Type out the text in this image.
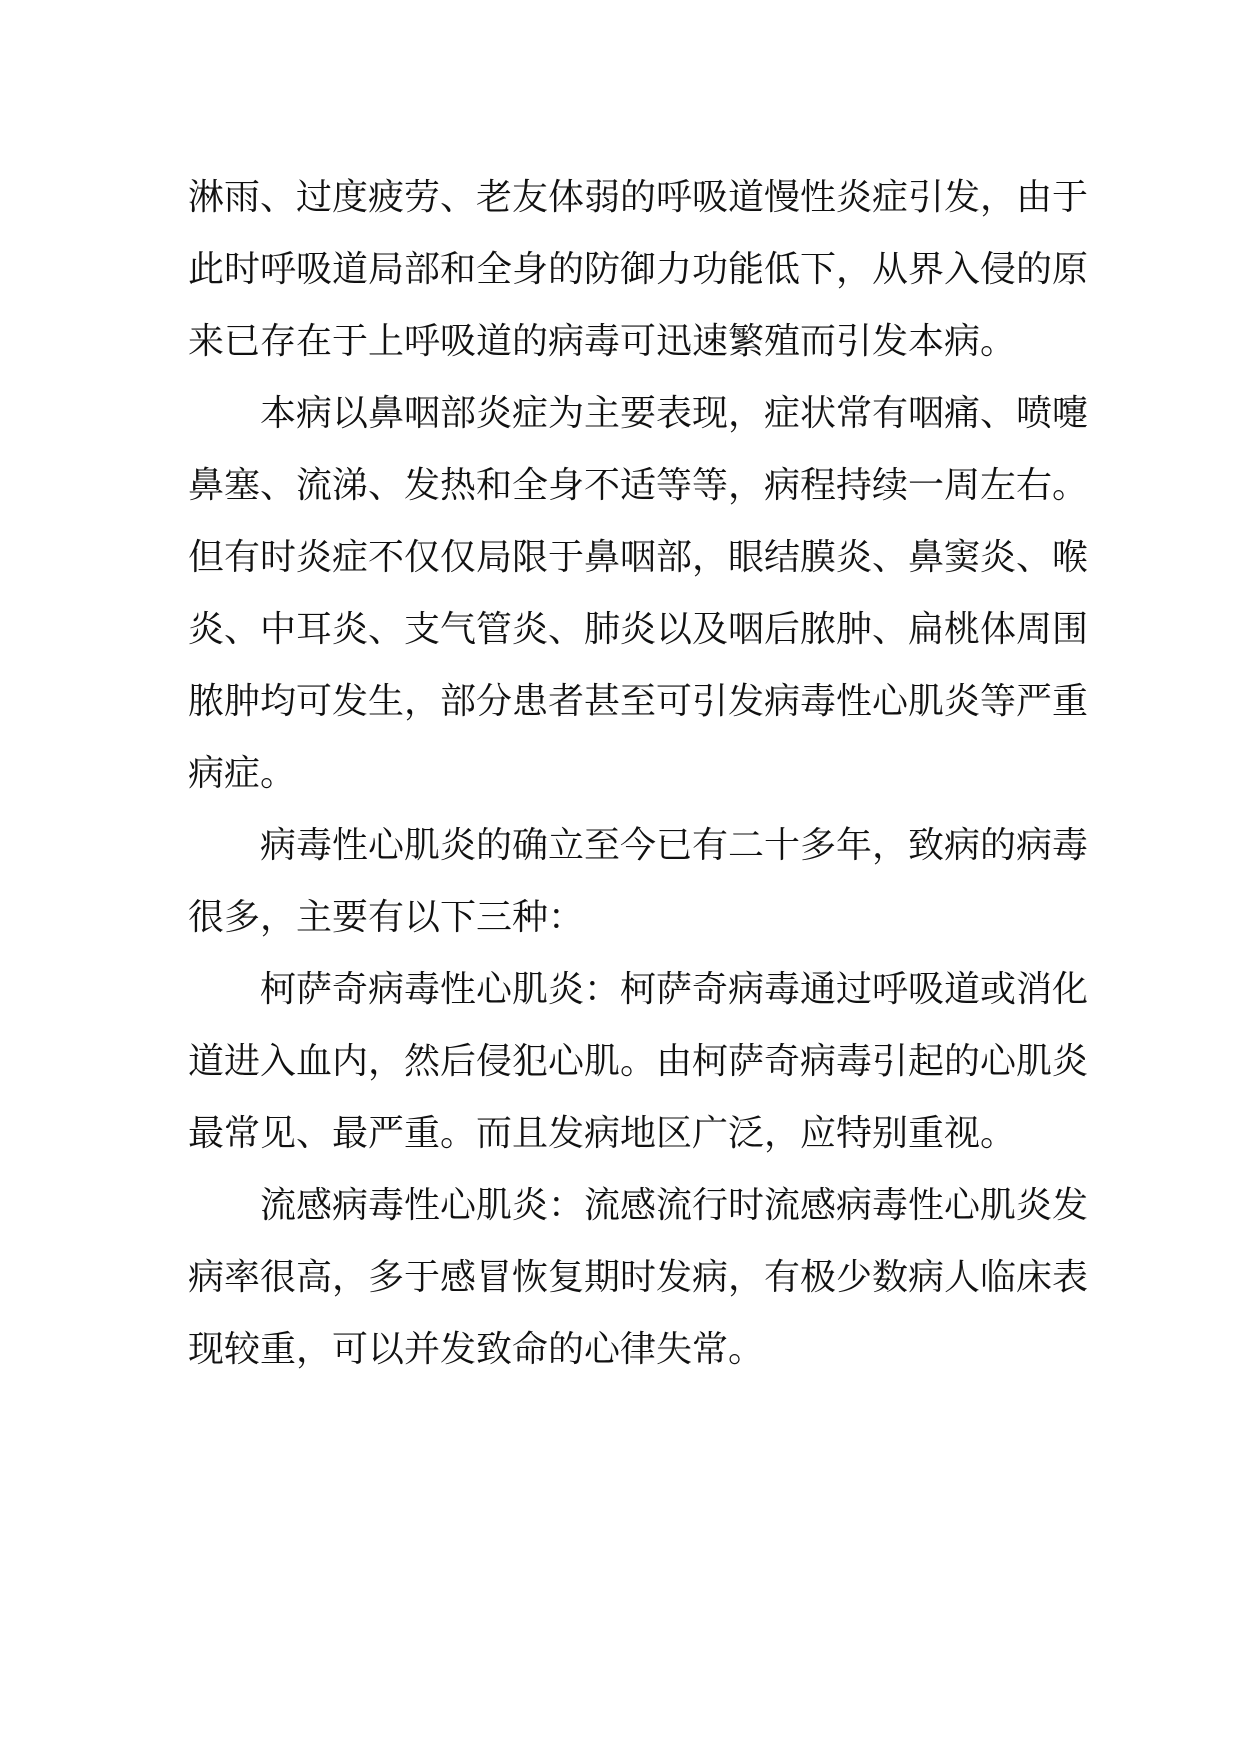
淋雨、过度疲劳、老友体弱的呼吸道慢性炎症引发，由于
此时呼吸道局部和全身的防御力功能低下，从界入侵的原
来已存在于上呼吸道的病毒可迅速繁殖而引发本病。
本病以鼻咽部炎症为主要表现，症状常有咽痛、喷嚏
鼻塞、流涕、发热和全身不适等等，病程持续一周左右。
但有时炎症不仅仅局限于鼻咽部，眼结膜炎、鼻窦炎、喉
炎、中耳炎、支气管炎、肺炎以及咽后脓肿、扁桃体周围
脓肿均可发生，部分患者甚至可引发病毒性心肌炎等严重
病症。
病毒性心肌炎的确立至今已有二十多年，致病的病毒
很多，主要有以下三种：
柯萨奇病毒性心肌炎：柯萨奇病毒通过呼吸道或消化
道进入血内，然后侵犯心肌。由柯萨奇病毒引起的心肌炎
最常见、最严重。而且发病地区广泛，应特别重视。
流感病毒性心肌炎：流感流行时流感病毒性心肌炎发
病率很高，多于感冒恢复期时发病，有极少数病人临床表
现较重，可以并发致命的心律失常。
